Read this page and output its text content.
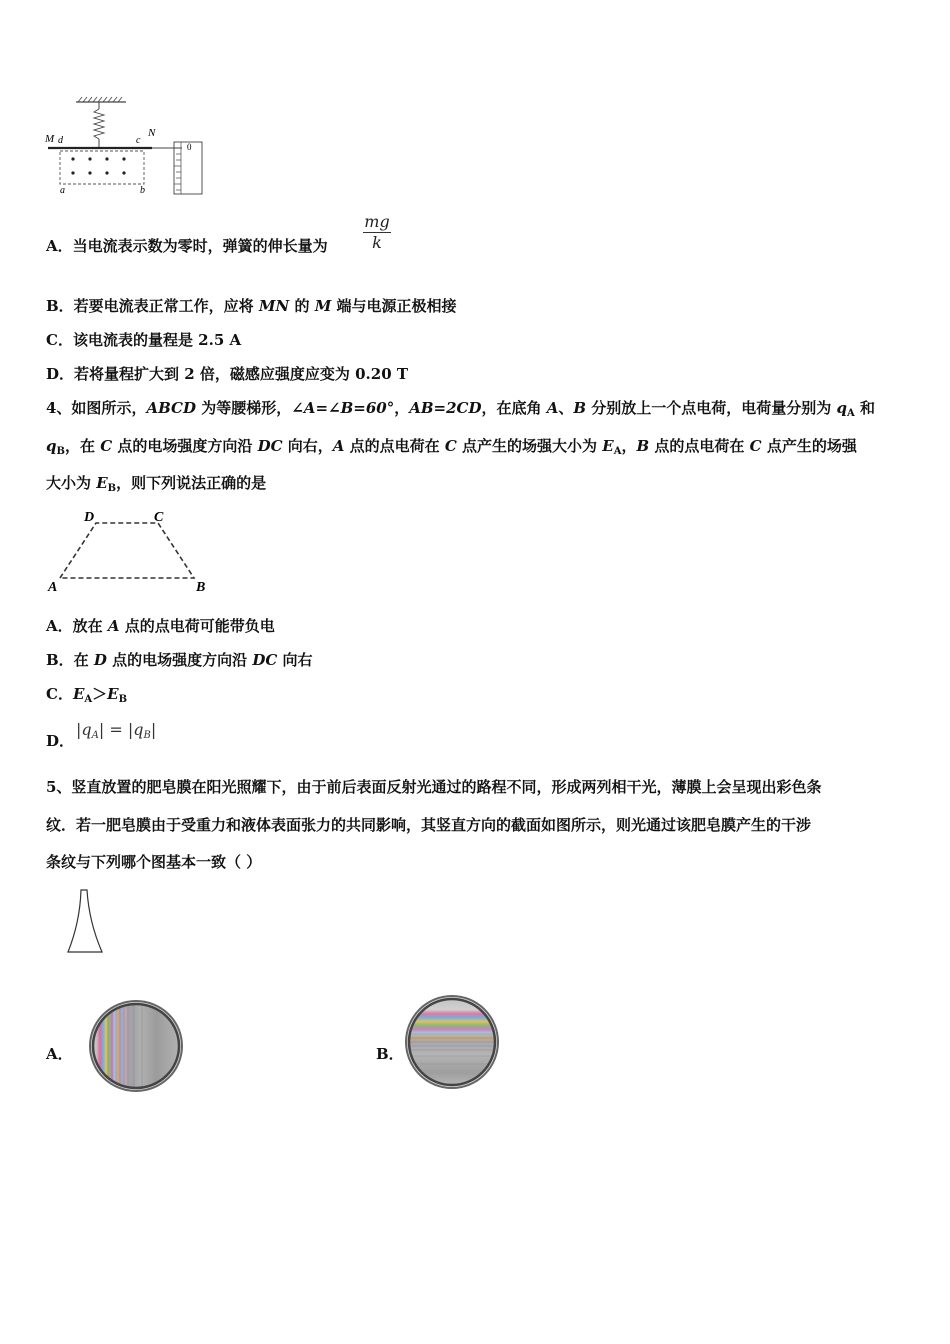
M d	c
N
a	b
0
A．当电流表示数为零时，弹簧的伸长量为
mg
k
B．若要电流表正常工作，应将 MN 的 M 端与电源正极相接
C．该电流表的量程是 2.5 A
D．若将量程扩大到 2 倍，磁感应强度应变为 0.20 T
4、如图所示，ABCD 为等腰梯形，∠A=∠B=60°，AB=2CD，在底角 A、B 分别放上一个点电荷，电荷量分别为 $q_A$ 和
$q_B$，在 C 点的电场强度方向沿 DC 向右，A 点的点电荷在 C 点产生的场强大小为 $E_A$，B 点的点电荷在 C 点产生的场强
大小为 $E_B$，则下列说法正确的是
D	C
A	B
A．放在 A 点的点电荷可能带负电
B．在 D 点的电场强度方向沿 DC 向右
C．$E_A>E_B$
D．
|qA| = |qB|
5、竖直放置的肥皂膜在阳光照耀下，由于前后表面反射光通过的路程不同，形成两列相干光，薄膜上会呈现出彩色条
纹．若一肥皂膜由于受重力和液体表面张力的共同影响，其竖直方向的截面如图所示，则光通过该肥皂膜产生的干涉
条纹与下列哪个图基本一致（ ）
A．	B．
